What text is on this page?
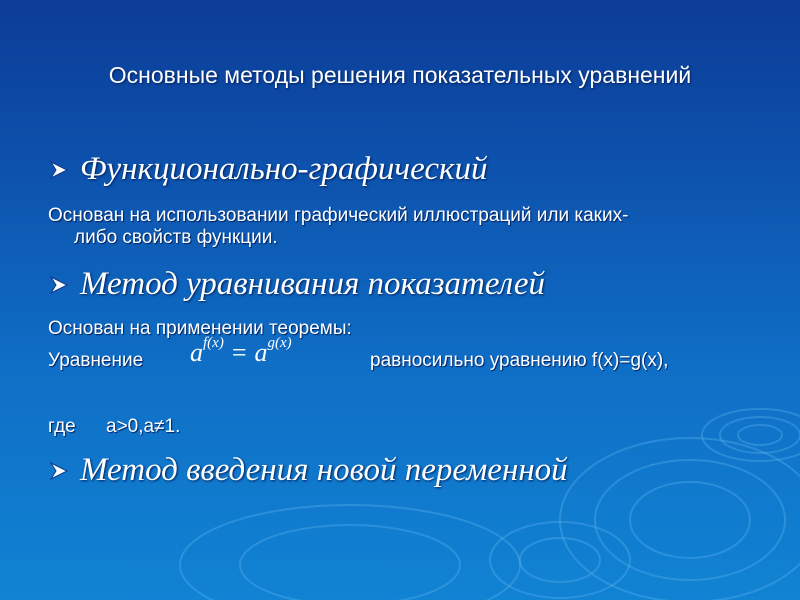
Основные методы решения показательных уравнений
Функционально-графический
Основан на использовании графический иллюстраций или каких-
либо свойств функции.
Метод уравнивания показателей
Основан на применении теоремы:
Уравнение af(x) = ag(x)
равносильно уравнению f(x)=g(x),
где a>0,a≠1.
Метод введения новой переменной
